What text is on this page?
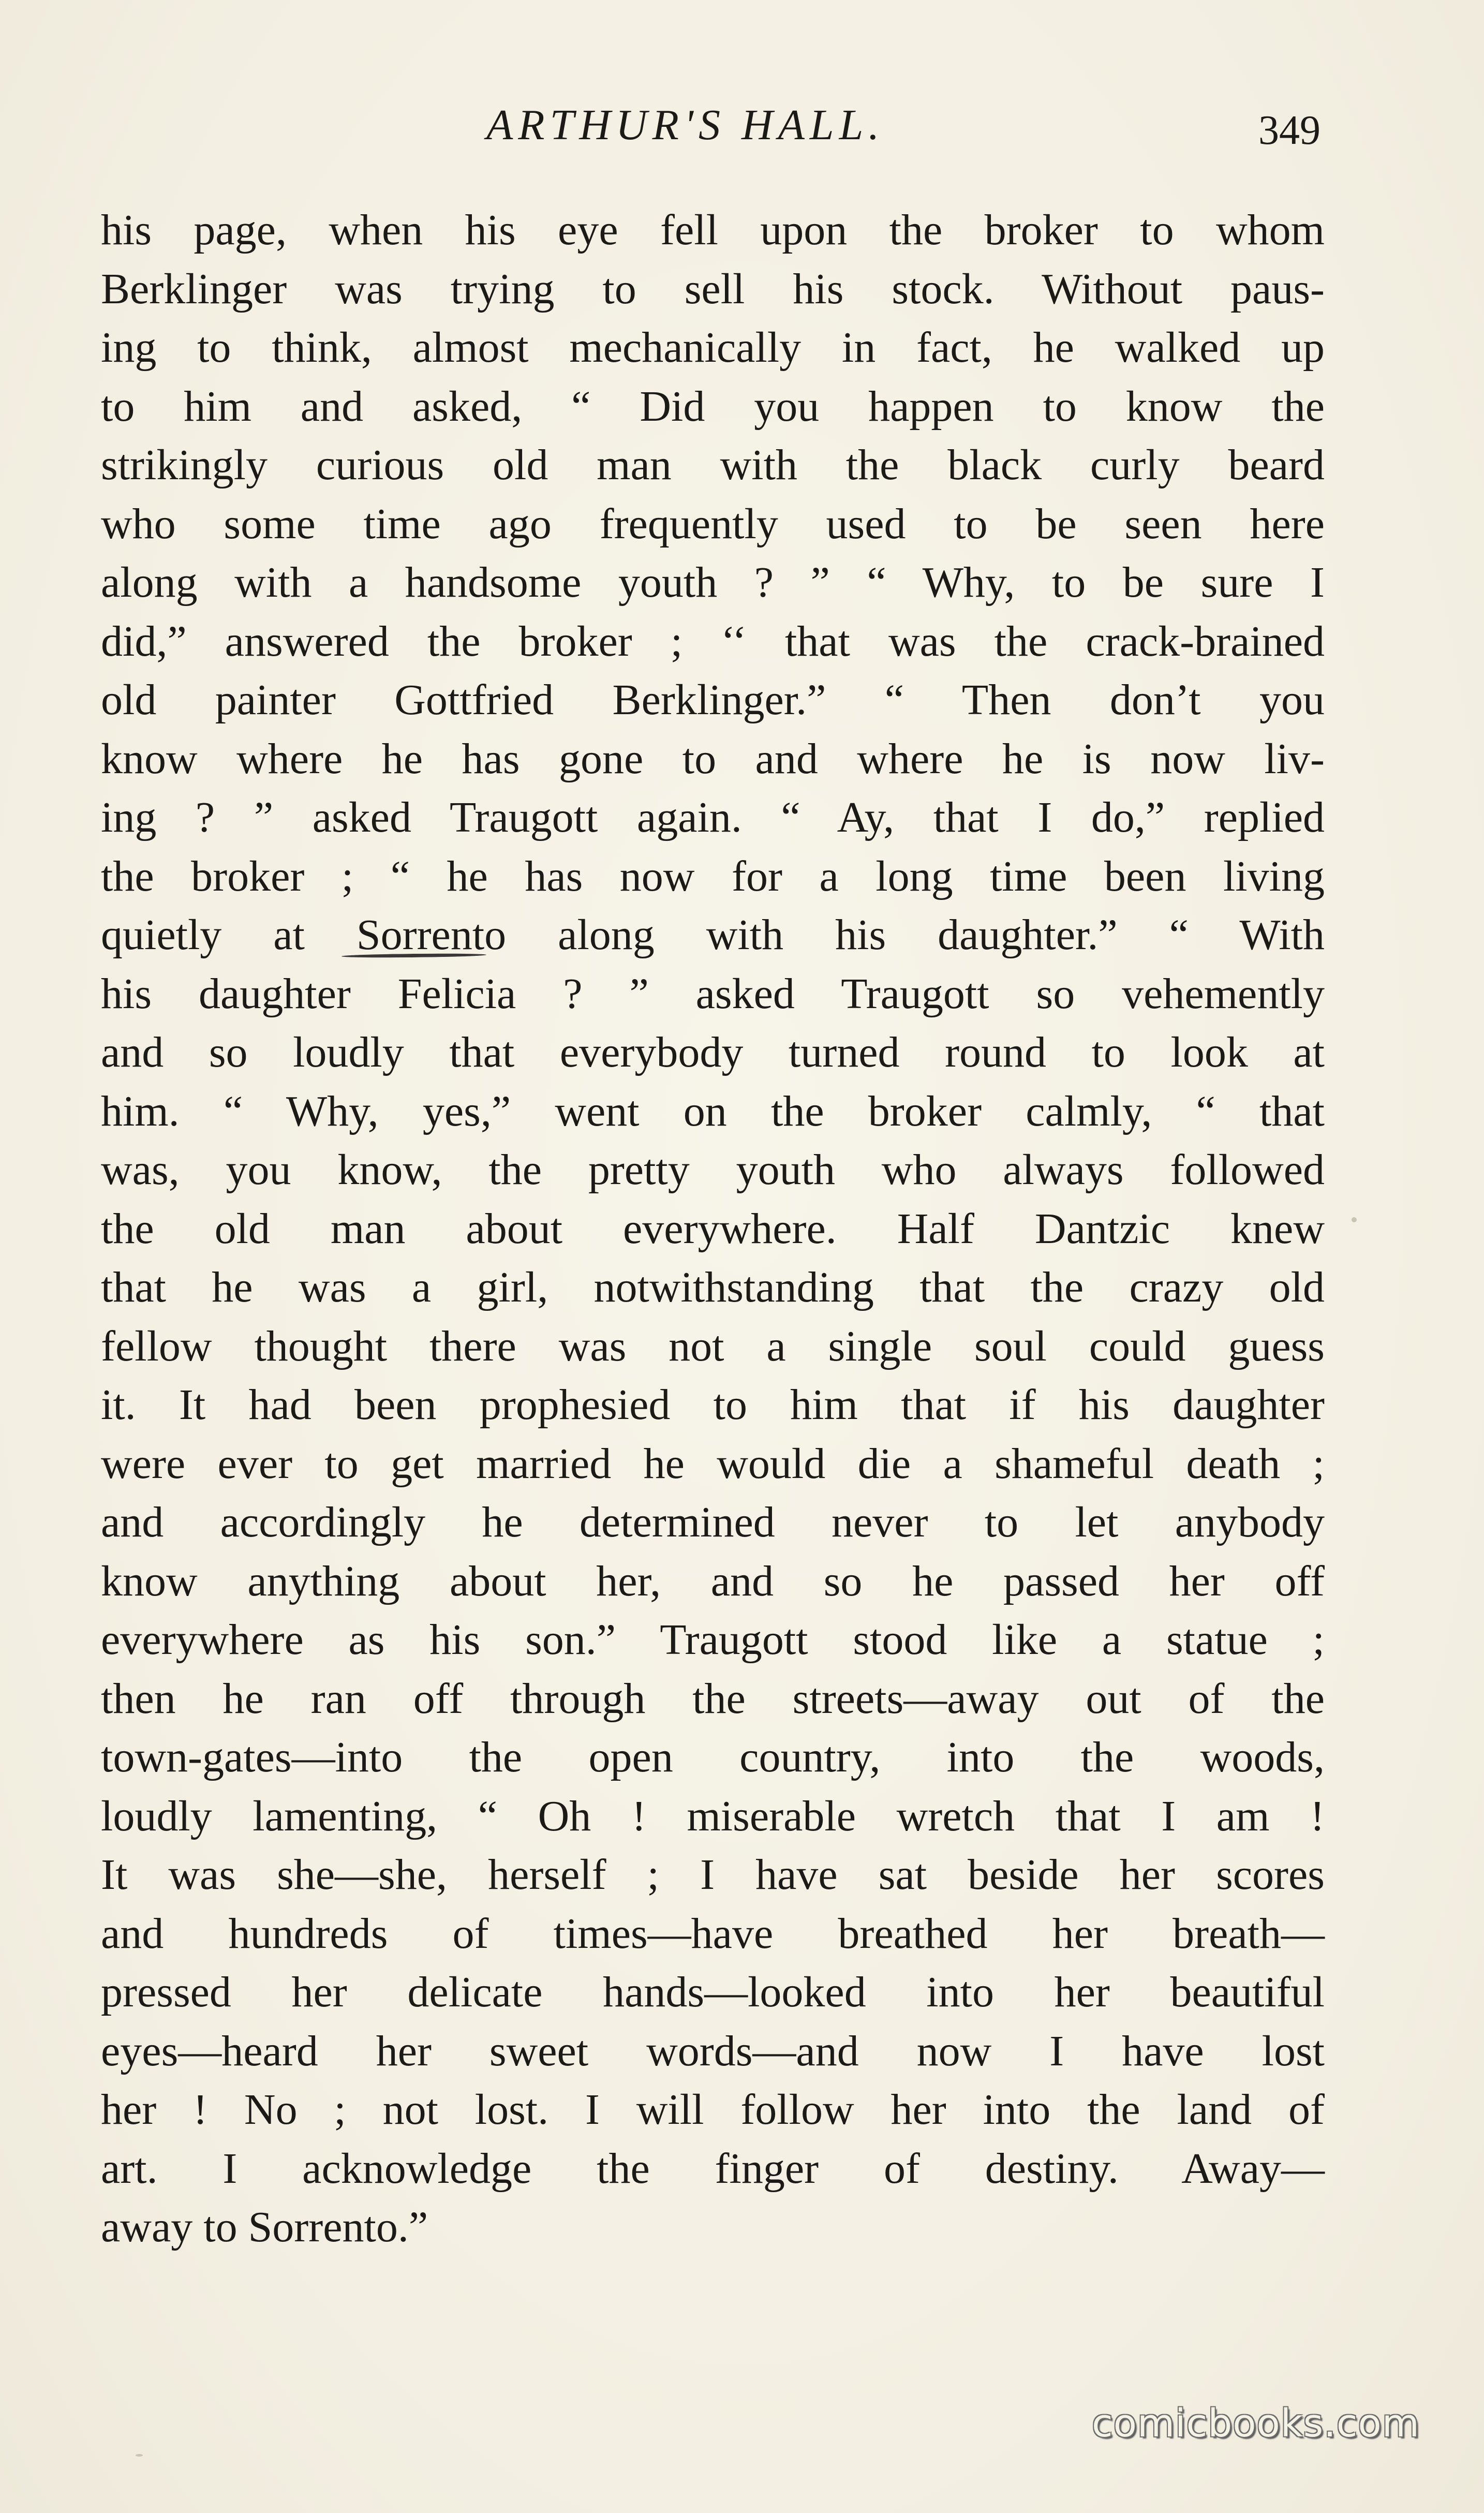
ARTHUR'S HALL.	349
his page, when his eye fell upon the broker to whom
Berklinger was trying to sell his stock. Without paus-
ing to think, almost mechanically in fact, he walked up
to him and asked, “ Did you happen to know the
strikingly curious old man with the black curly beard
who some time ago frequently used to be seen here
along with a handsome youth ? ” “ Why, to be sure I
did,” answered the broker ; ‘‘ that was the crack-brained
old painter Gottfried Berklinger.” “ Then don’t you
know where he has gone to and where he is now liv-
ing ? ” asked Traugott again. “ Ay, that I do,” replied
the broker ; “ he has now for a long time been living
quietly at Sorrento along with his daughter.” “ With
his daughter Felicia ? ” asked Traugott so vehemently
and so loudly that everybody turned round to look at
him. “ Why, yes,” went on the broker calmly, “ that
was, you know, the pretty youth who always followed
the old man about everywhere. Half Dantzic knew
that he was a girl, notwithstanding that the crazy old
fellow thought there was not a single soul could guess
it. It had been prophesied to him that if his daughter
were ever to get married he would die a shameful death ;
and accordingly he determined never to let anybody
know anything about her, and so he passed her off
everywhere as his son.” Traugott stood like a statue ;
then he ran off through the streets—away out of the
town-gates—into the open country, into the woods,
loudly lamenting, “ Oh ! miserable wretch that I am !
It was she—she, herself ; I have sat beside her scores
and hundreds of times—have breathed her breath—
pressed her delicate hands—looked into her beautiful
eyes—heard her sweet words—and now I have lost
her ! No ; not lost. I will follow her into the land of
art. I acknowledge the finger of destiny. Away—
away to Sorrento.”
comicbooks.com
